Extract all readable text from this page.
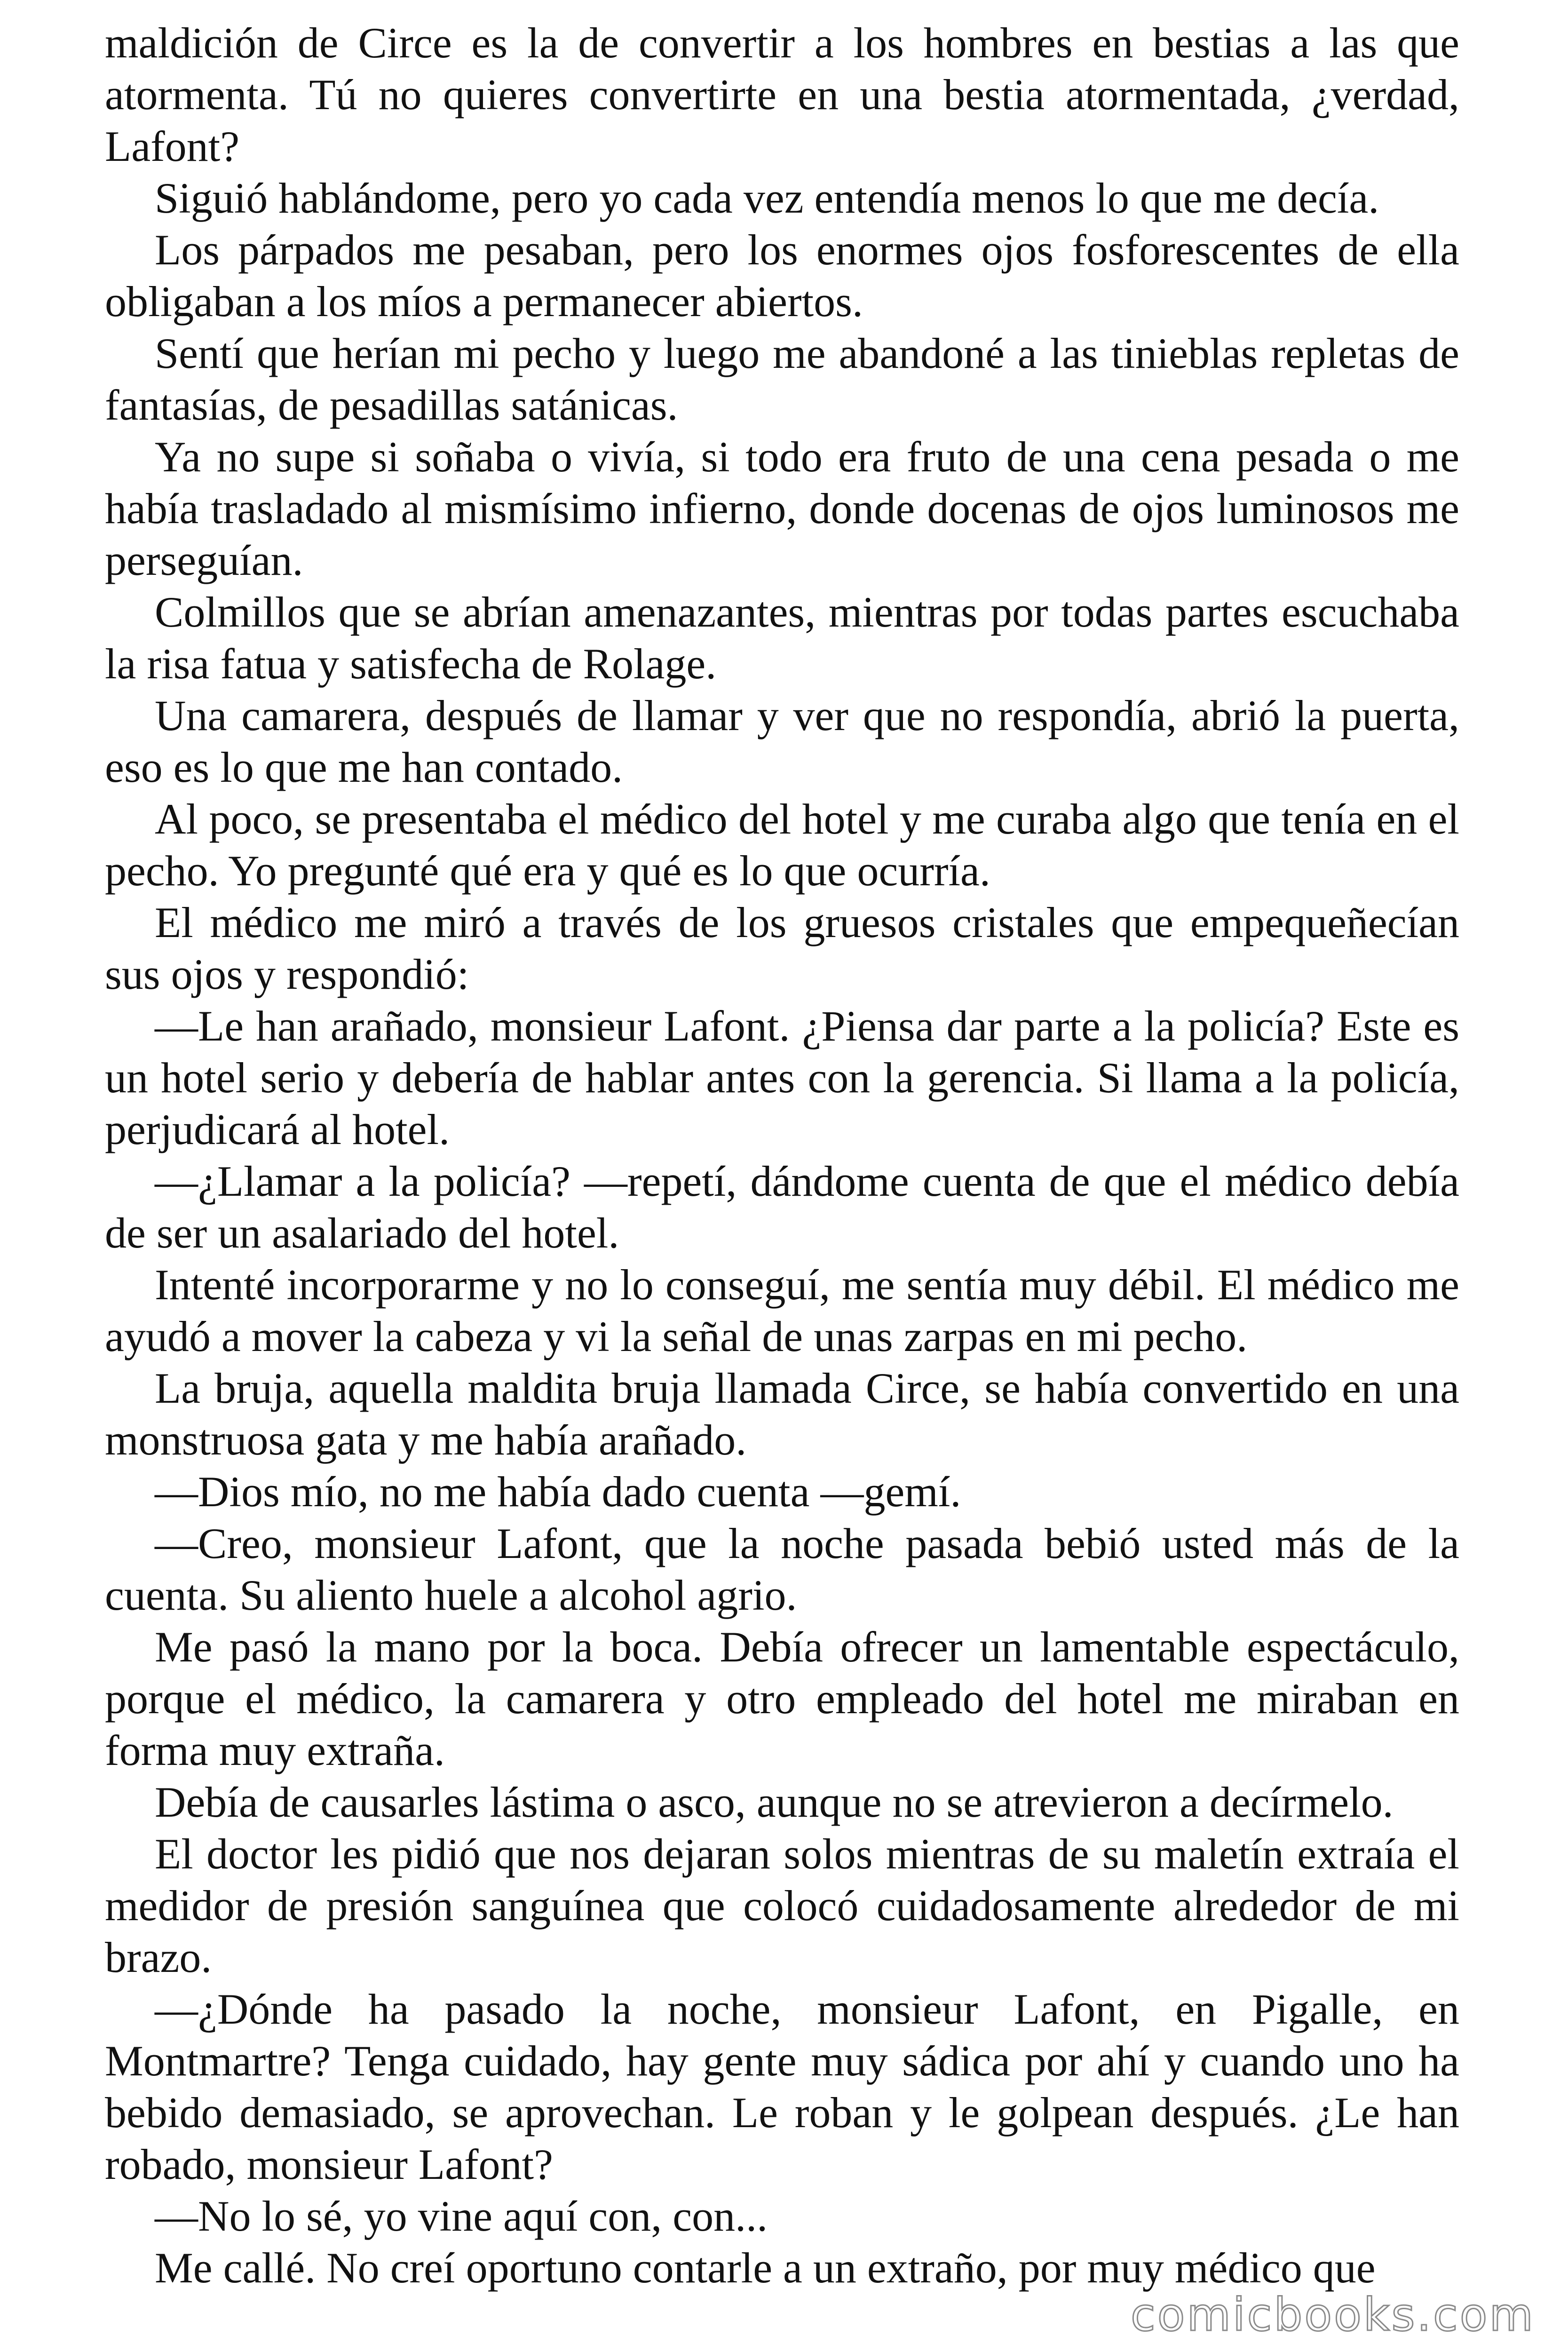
maldición de Circe es la de convertir a los hombres en bestias a las que atormenta. Tú no quieres convertirte en una bestia atormentada, ¿verdad, Lafont?

Siguió hablándome, pero yo cada vez entendía menos lo que me decía.

Los párpados me pesaban, pero los enormes ojos fosforescentes de ella obligaban a los míos a permanecer abiertos.

Sentí que herían mi pecho y luego me abandoné a las tinieblas repletas de fantasías, de pesadillas satánicas.

Ya no supe si soñaba o vivía, si todo era fruto de una cena pesada o me había trasladado al mismísimo infierno, donde docenas de ojos luminosos me perseguían.

Colmillos que se abrían amenazantes, mientras por todas partes escuchaba la risa fatua y satisfecha de Rolage.

Una camarera, después de llamar y ver que no respondía, abrió la puerta, eso es lo que me han contado.

Al poco, se presentaba el médico del hotel y me curaba algo que tenía en el pecho. Yo pregunté qué era y qué es lo que ocurría.

El médico me miró a través de los gruesos cristales que empequeñecían sus ojos y respondió:

—Le han arañado, monsieur Lafont. ¿Piensa dar parte a la policía? Este es un hotel serio y debería de hablar antes con la gerencia. Si llama a la policía, perjudicará al hotel.

—¿Llamar a la policía? —repetí, dándome cuenta de que el médico debía de ser un asalariado del hotel.

Intenté incorporarme y no lo conseguí, me sentía muy débil. El médico me ayudó a mover la cabeza y vi la señal de unas zarpas en mi pecho.

La bruja, aquella maldita bruja llamada Circe, se había convertido en una monstruosa gata y me había arañado.

—Dios mío, no me había dado cuenta —gemí.

—Creo, monsieur Lafont, que la noche pasada bebió usted más de la cuenta. Su aliento huele a alcohol agrio.

Me pasó la mano por la boca. Debía ofrecer un lamentable espectáculo, porque el médico, la camarera y otro empleado del hotel me miraban en forma muy extraña.

Debía de causarles lástima o asco, aunque no se atrevieron a decírmelo.

El doctor les pidió que nos dejaran solos mientras de su maletín extraía el medidor de presión sanguínea que colocó cuidadosamente alrededor de mi brazo.

—¿Dónde ha pasado la noche, monsieur Lafont, en Pigalle, en Montmartre? Tenga cuidado, hay gente muy sádica por ahí y cuando uno ha bebido demasiado, se aprovechan. Le roban y le golpean después. ¿Le han robado, monsieur Lafont?

—No lo sé, yo vine aquí con, con...

Me callé. No creí oportuno contarle a un extraño, por muy médico que

comicbooks.com
